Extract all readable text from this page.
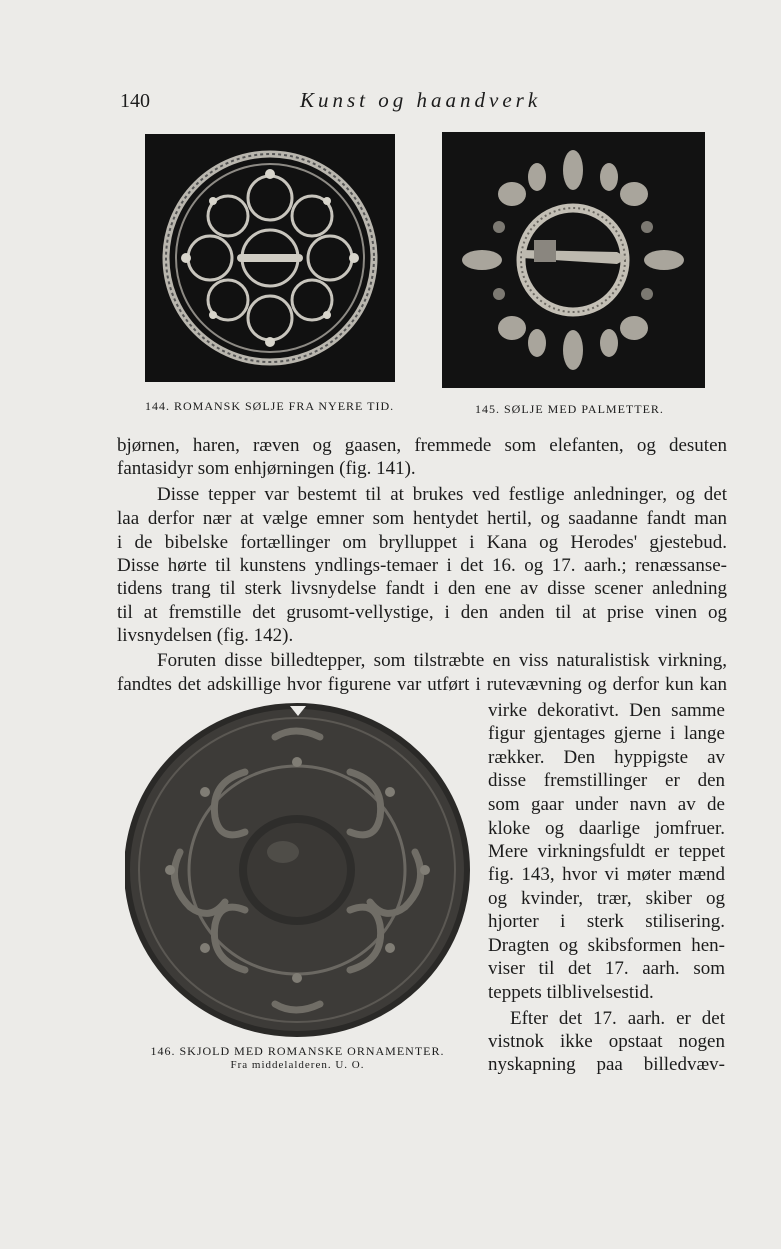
140	Kunst og haandverk
144. ROMANSK SØLJE FRA NYERE TID.	145. SØLJE MED PALMETTER.
bjørnen, haren, ræven og gaasen, fremmede som elefanten, og desuten
fantasidyr som enhjørningen (fig. 141).
Disse tepper var bestemt til at brukes ved festlige anledninger, og det
laa derfor nær at vælge emner som hentydet hertil, og saadanne fandt man
i de bibelske fortællinger om brylluppet i Kana og Herodes' gjestebud.
Disse hørte til kunstens yndlings-temaer i det 16. og 17. aarh.; renæssanse-
tidens trang til sterk livsnydelse fandt i den ene av disse scener anledning
til at fremstille det grusomt-vellystige, i den anden til at prise vinen og
livsnydelsen (fig. 142).
Foruten disse billedtepper, som tilstræbte en viss naturalistisk virkning,
fandtes det adskillige hvor figurene var utført i rutevævning og derfor kun kan
146. SKJOLD MED ROMANSKE ORNAMENTER.
Fra middelalderen. U. O.
virke dekorativt. Den samme
figur gjentages gjerne i lange
rækker. Den hyppigste av
disse fremstillinger er den
som gaar under navn av de
kloke og daarlige jomfruer.
Mere virkningsfuldt er teppet
fig. 143, hvor vi møter mænd
og kvinder, trær, skiber og
hjorter i sterk stilisering.
Dragten og skibsformen hen-
viser til det 17. aarh. som
teppets tilblivelsestid.
Efter det 17. aarh. er det
vistnok ikke opstaat nogen
nyskapning paa billedvæv-
